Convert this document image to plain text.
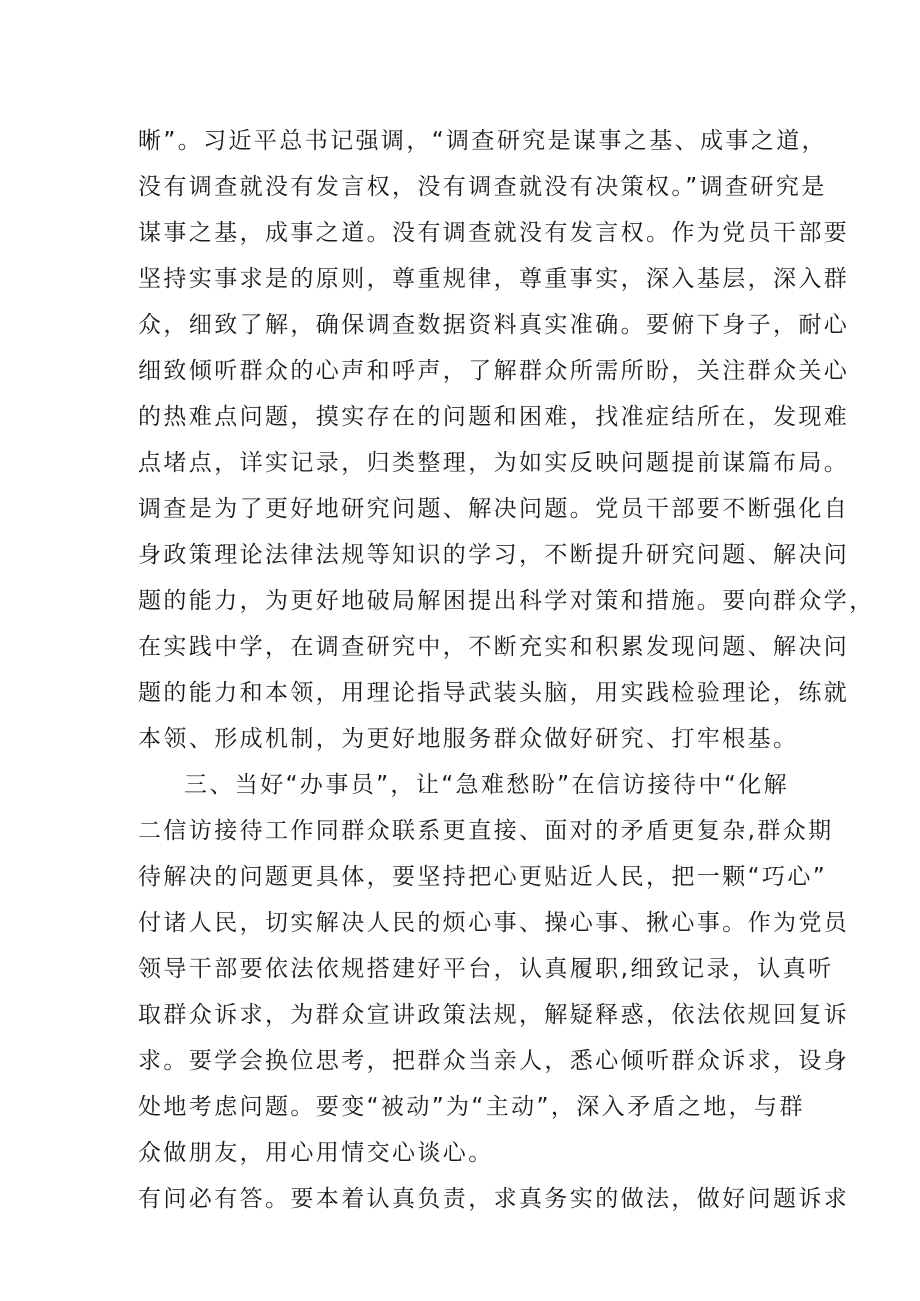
晰”。习近平总书记强调，“调查研究是谋事之基、成事之道，
没有调查就没有发言权，没有调查就没有决策权。”调查研究是
谋事之基，成事之道。没有调查就没有发言权。作为党员干部要
坚持实事求是的原则，尊重规律，尊重事实，深入基层，深入群
众，细致了解，确保调查数据资料真实准确。要俯下身子，耐心
细致倾听群众的心声和呼声，了解群众所需所盼，关注群众关心
的热难点问题，摸实存在的问题和困难，找准症结所在，发现难
点堵点，详实记录，归类整理，为如实反映问题提前谋篇布局。
调查是为了更好地研究问题、解决问题。党员干部要不断强化自
身政策理论法律法规等知识的学习，不断提升研究问题、解决问
题的能力，为更好地破局解困提出科学对策和措施。要向群众学，
在实践中学，在调查研究中，不断充实和积累发现问题、解决问
题的能力和本领，用理论指导武装头脑，用实践检验理论，练就
本领、形成机制，为更好地服务群众做好研究、打牢根基。
三、当好“办事员”，让“急难愁盼”在信访接待中“化解
二信访接待工作同群众联系更直接、面对的矛盾更复杂,群众期
待解决的问题更具体，要坚持把心更贴近人民，把一颗“巧心”
付诸人民，切实解决人民的烦心事、操心事、揪心事。作为党员
领导干部要依法依规搭建好平台，认真履职,细致记录，认真听
取群众诉求，为群众宣讲政策法规，解疑释惑，依法依规回复诉
求。要学会换位思考，把群众当亲人，悉心倾听群众诉求，设身
处地考虑问题。要变“被动”为“主动”，深入矛盾之地，与群
众做朋友，用心用情交心谈心。
有问必有答。要本着认真负责，求真务实的做法，做好问题诉求
